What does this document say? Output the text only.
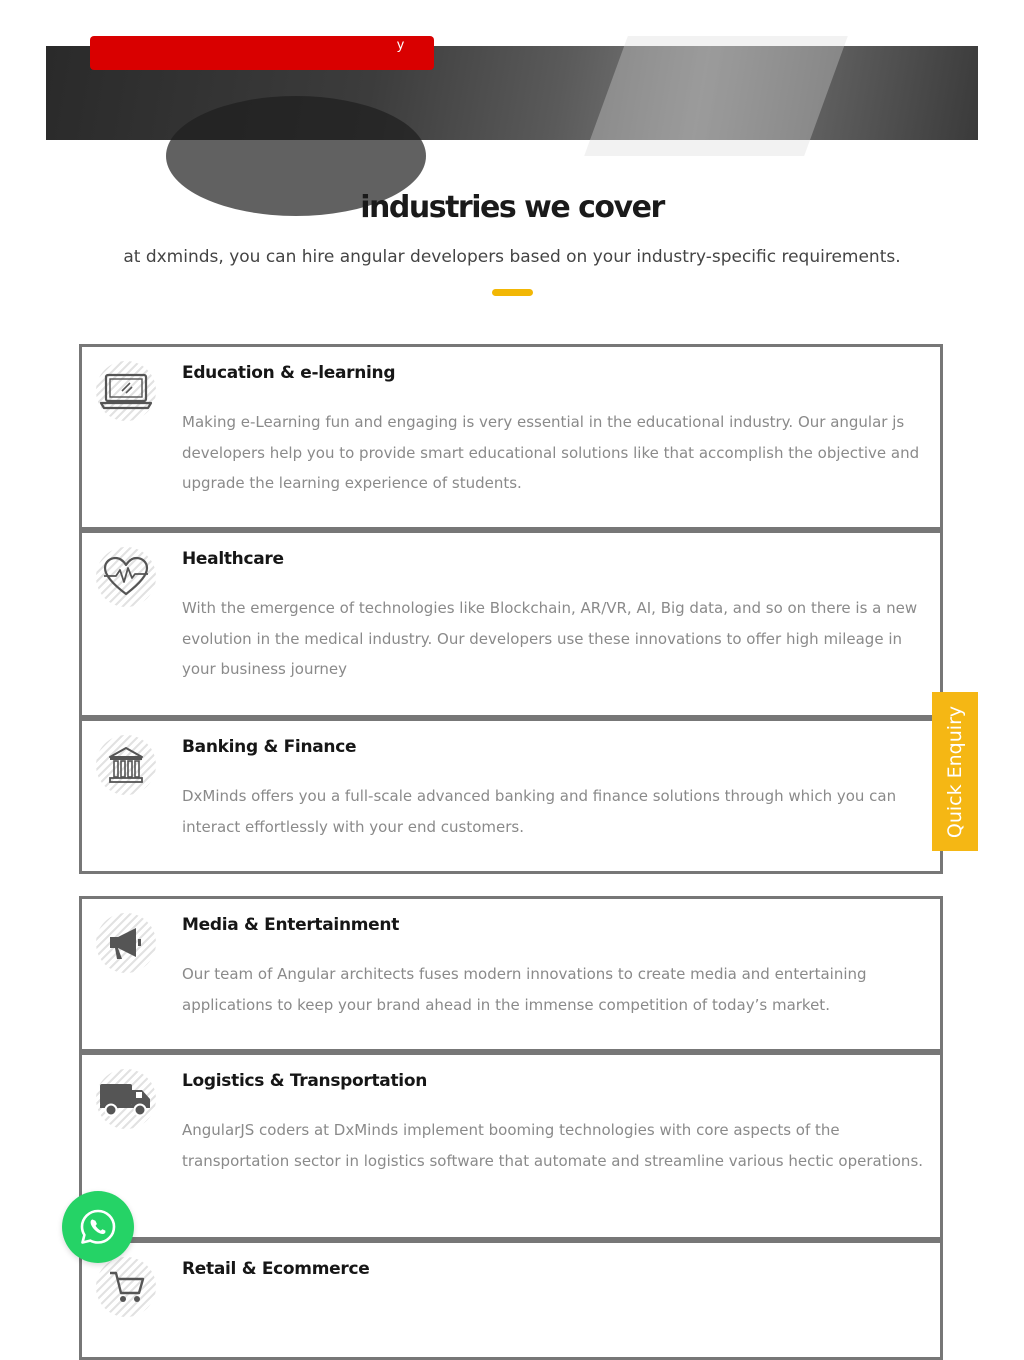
y
industries we cover

at dxminds, you can hire angular developers based on your industry-specific requirements.

Education & e-learning

Making e-Learning fun and engaging is very essential in the educational industry. Our angular js developers help you to provide smart educational solutions like that accomplish the objective and upgrade the learning experience of students.

Healthcare

With the emergence of technologies like Blockchain, AR/VR, AI, Big data, and so on there is a new evolution in the medical industry. Our developers use these innovations to offer high mileage in your business journey

Banking & Finance

DxMinds offers you a full-scale advanced banking and finance solutions through which you can interact effortlessly with your end customers.

Media & Entertainment

Our team of Angular architects fuses modern innovations to create media and entertaining applications to keep your brand ahead in the immense competition of today’s market.

Logistics & Transportation

AngularJS coders at DxMinds implement booming technologies with core aspects of the transportation sector in logistics software that automate and streamline various hectic operations.

Retail & Ecommerce
Quick Enquiry
